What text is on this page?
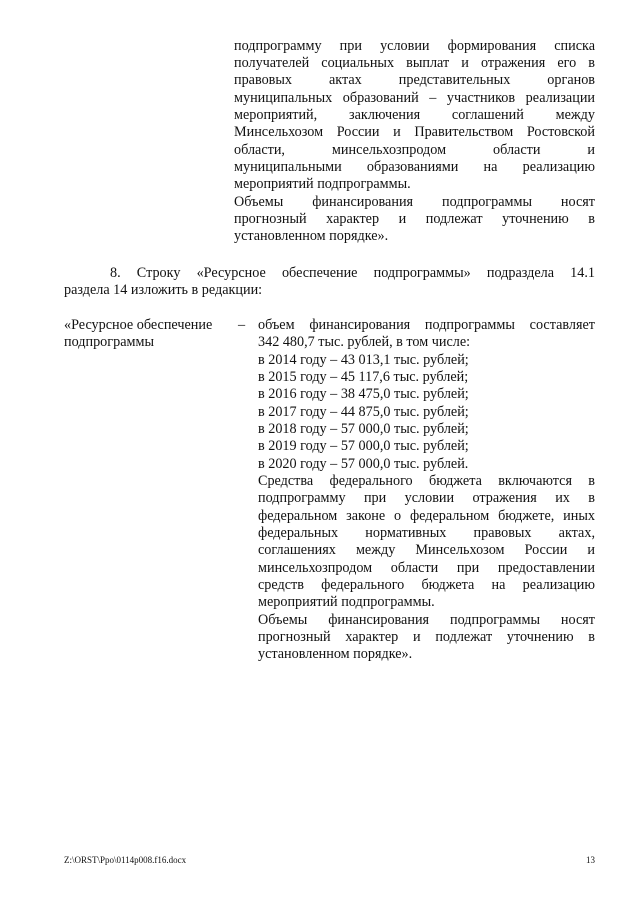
подпрограмму при условии формирования списка
получателей социальных выплат и отражения его в
правовых актах представительных органов
муниципальных образований – участников реализации
мероприятий, заключения соглашений между
Минсельхозом России и Правительством Ростовской
области, минсельхозпродом области и
муниципальными образованиями на реализацию
мероприятий подпрограммы.
Объемы финансирования подпрограммы носят
прогнозный характер и подлежат уточнению в
установленном порядке».
8. Строку «Ресурсное обеспечение подпрограммы» подраздела 14.1
раздела 14 изложить в редакции:
«Ресурсное обеспечение –
подпрограммы
объем финансирования подпрограммы составляет
342 480,7 тыс. рублей, в том числе:
в 2014 году – 43 013,1 тыс. рублей;
в 2015 году – 45 117,6 тыс. рублей;
в 2016 году – 38 475,0 тыс. рублей;
в 2017 году – 44 875,0 тыс. рублей;
в 2018 году – 57 000,0 тыс. рублей;
в 2019 году – 57 000,0 тыс. рублей;
в 2020 году – 57 000,0 тыс. рублей.
Средства федерального бюджета включаются в
подпрограмму при условии отражения их в
федеральном законе о федеральном бюджете, иных
федеральных нормативных правовых актах,
соглашениях между Минсельхозом России и
минсельхозпродом области при предоставлении
средств федерального бюджета на реализацию
мероприятий подпрограммы.
Объемы финансирования подпрограммы носят
прогнозный характер и подлежат уточнению в
установленном порядке».
Z:\ORST\Ppo\0114p008.f16.docx	13
